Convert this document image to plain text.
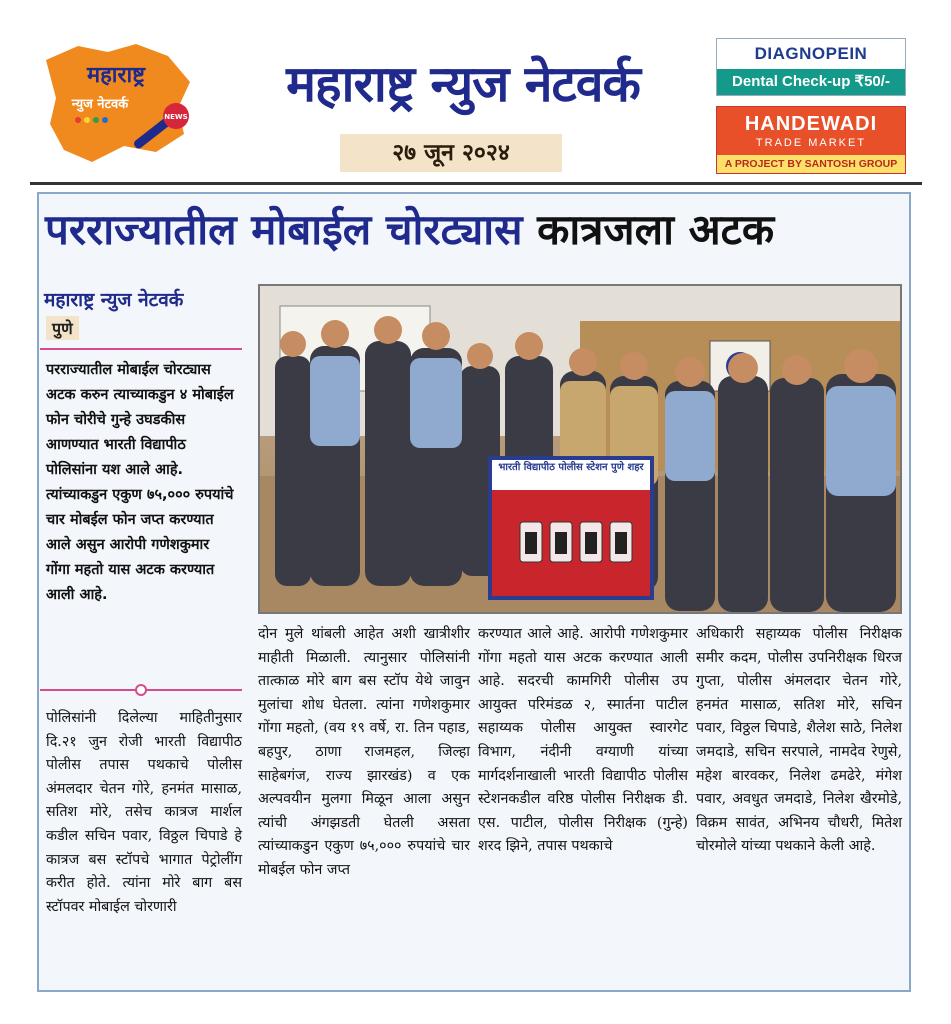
महाराष्ट्र
न्युज नेटवर्क
NEWS
महाराष्ट्र न्युज नेटवर्क
२७ जून २०२४
DIAGNOPEIN
Dental Check-up ₹50/-
HANDEWADI
TRADE MARKET
A PROJECT BY SANTOSH GROUP
परराज्यातील मोबाईल चोरट्यास कात्रजला अटक
महाराष्ट्र न्युज नेटवर्क
पुणे
परराज्यातील मोबाईल चोरट्यास अटक करुन त्याच्याकडुन ४ मोबाईल फोन चोरीचे गुन्हे उघडकीस आणण्यात भारती विद्यापीठ पोलिसांना यश आले आहे. त्यांच्याकडुन एकुण ७५,००० रुपयांचे चार मोबईल फोन जप्त करण्यात आले असुन आरोपी गणेशकुमार गोंगा महतो यास अटक करण्यात आली आहे.
पोलिसांनी दिलेल्या माहितीनुसार दि.२१ जुन रोजी भारती विद्यापीठ पोलीस तपास पथकाचे पोलीस अंमलदार चेतन गोरे, हनमंत मासाळ, सतिश मोरे, तसेच कात्रज मार्शल कडील सचिन पवार, विठ्ठल चिपाडे हे कात्रज बस स्टॉपचे भागात पेट्रोलींग करीत होते. त्यांना मोरे बाग बस स्टॉपवर मोबाईल चोरणारी
दोन मुले थांबली आहेत अशी खात्रीशीर माहीती मिळाली. त्यानुसार पोलिसांनी तात्काळ मोरे बाग बस स्टॉप येथे जावुन मुलांचा शोध घेतला. त्यांना गणेशकुमार गोंगा महतो, (वय १९ वर्षे, रा. तिन पहाड, बहपुर, ठाणा राजमहल, जिल्हा साहेबगंज, राज्य झारखंड) व एक अल्पवयीन मुलगा मिळून आला असुन त्यांची अंगझडती घेतली असता त्यांच्याकडुन एकुण ७५,००० रुपयांचे चार मोबईल फोन जप्त
करण्यात आले आहे. आरोपी गणेशकुमार गोंगा महतो यास अटक करण्यात आली आहे. सदरची कामगिरी पोलीस उप आयुक्त परिमंडळ २, स्मार्तना पाटील सहाय्यक पोलीस आयुक्त स्वारगेट विभाग, नंदीनी वग्याणी यांच्या मार्गदर्शनाखाली भारती विद्यापीठ पोलीस स्टेशनकडील वरिष्ठ पोलीस निरीक्षक डी. एस. पाटील, पोलीस निरीक्षक (गुन्हे) शरद झिने, तपास पथकाचे
अधिकारी सहाय्यक पोलीस निरीक्षक समीर कदम, पोलीस उपनिरीक्षक धिरज गुप्ता, पोलीस अंमलदार चेतन गोरे, हनमंत मासाळ, सतिश मोरे, सचिन पवार, विठ्ठल चिपाडे, शैलेश साठे, निलेश जमदाडे, सचिन सरपाले, नामदेव रेणुसे, महेश बारवकर, निलेश ढमढेरे, मंगेश पवार, अवधुत जमदाडे, निलेश खैरमोडे, विक्रम सावंत, अभिनय चौधरी, मितेश चोरमोले यांच्या पथकाने केली आहे.
भारती विद्यापीठ पोलीस स्टेशन पुणे शहर
